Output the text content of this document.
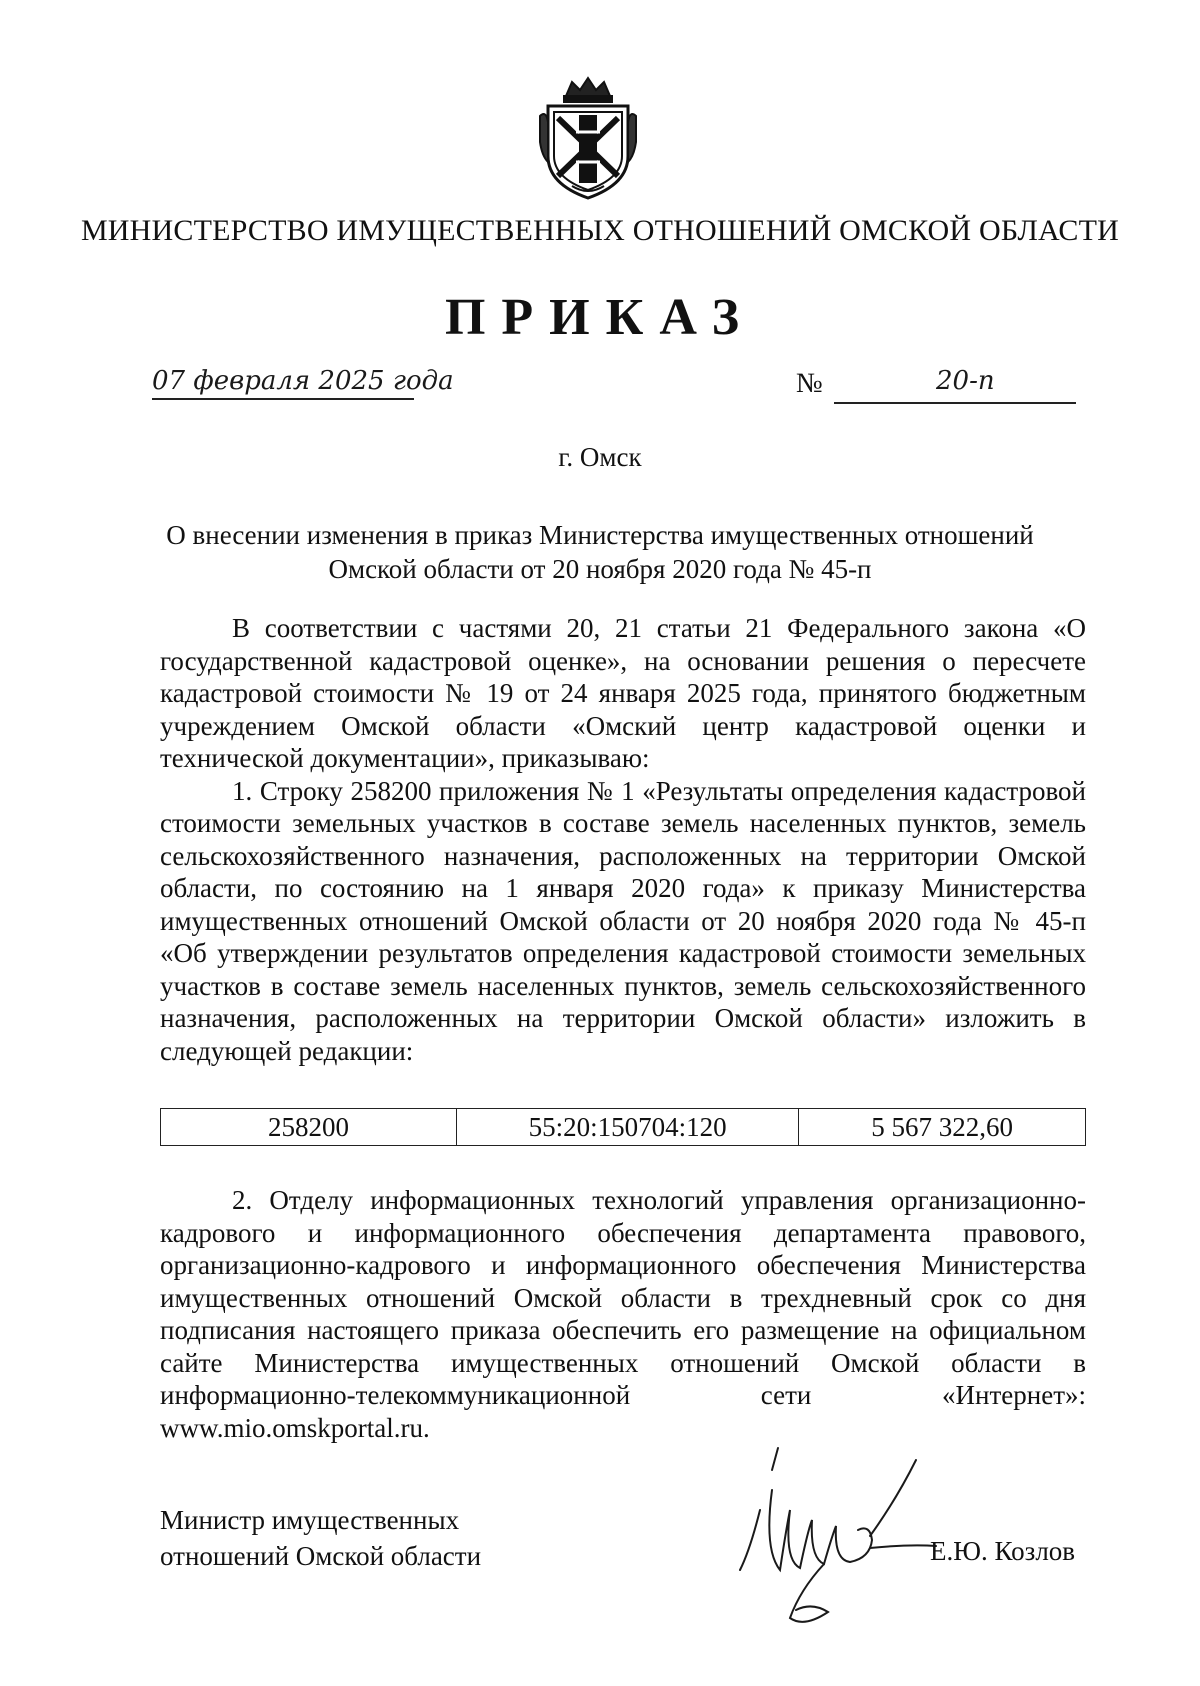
МИНИСТЕРСТВО ИМУЩЕСТВЕННЫХ ОТНОШЕНИЙ ОМСКОЙ ОБЛАСТИ
ПРИКАЗ
07 февраля 2025 года	№	20-п
г. Омск
О внесении изменения в приказ Министерства имущественных отношений
Омской области от 20 ноября 2020 года № 45-п

В соответствии с частями 20, 21 статьи 21 Федерального закона «О государственной кадастровой оценке», на основании решения о пересчете кадастровой стоимости № 19 от 24 января 2025 года, принятого бюджетным учреждением Омской области «Омский центр кадастровой оценки и технической документации», приказываю:

1. Строку 258200 приложения № 1 «Результаты определения кадастровой стоимости земельных участков в составе земель населенных пунктов, земель сельскохозяйственного назначения, расположенных на территории Омской области, по состоянию на 1 января 2020 года» к приказу Министерства имущественных отношений Омской области от 20 ноября 2020 года № 45-п «Об утверждении результатов определения кадастровой стоимости земельных участков в составе земель населенных пунктов, земель сельскохозяйственного назначения, расположенных на территории Омской области» изложить в следующей редакции:

258200	55:20:150704:120	5 567 322,60

2. Отделу информационных технологий управления организационно-кадрового и информационного обеспечения департамента правового, организационно-кадрового и информационного обеспечения Министерства имущественных отношений Омской области в трехдневный срок со дня подписания настоящего приказа обеспечить его размещение на официальном сайте Министерства имущественных отношений Омской области в информационно-телекоммуникационной сети «Интернет»: www.mio.omskportal.ru.

Министр имущественных
отношений Омской области	Е.Ю. Козлов
